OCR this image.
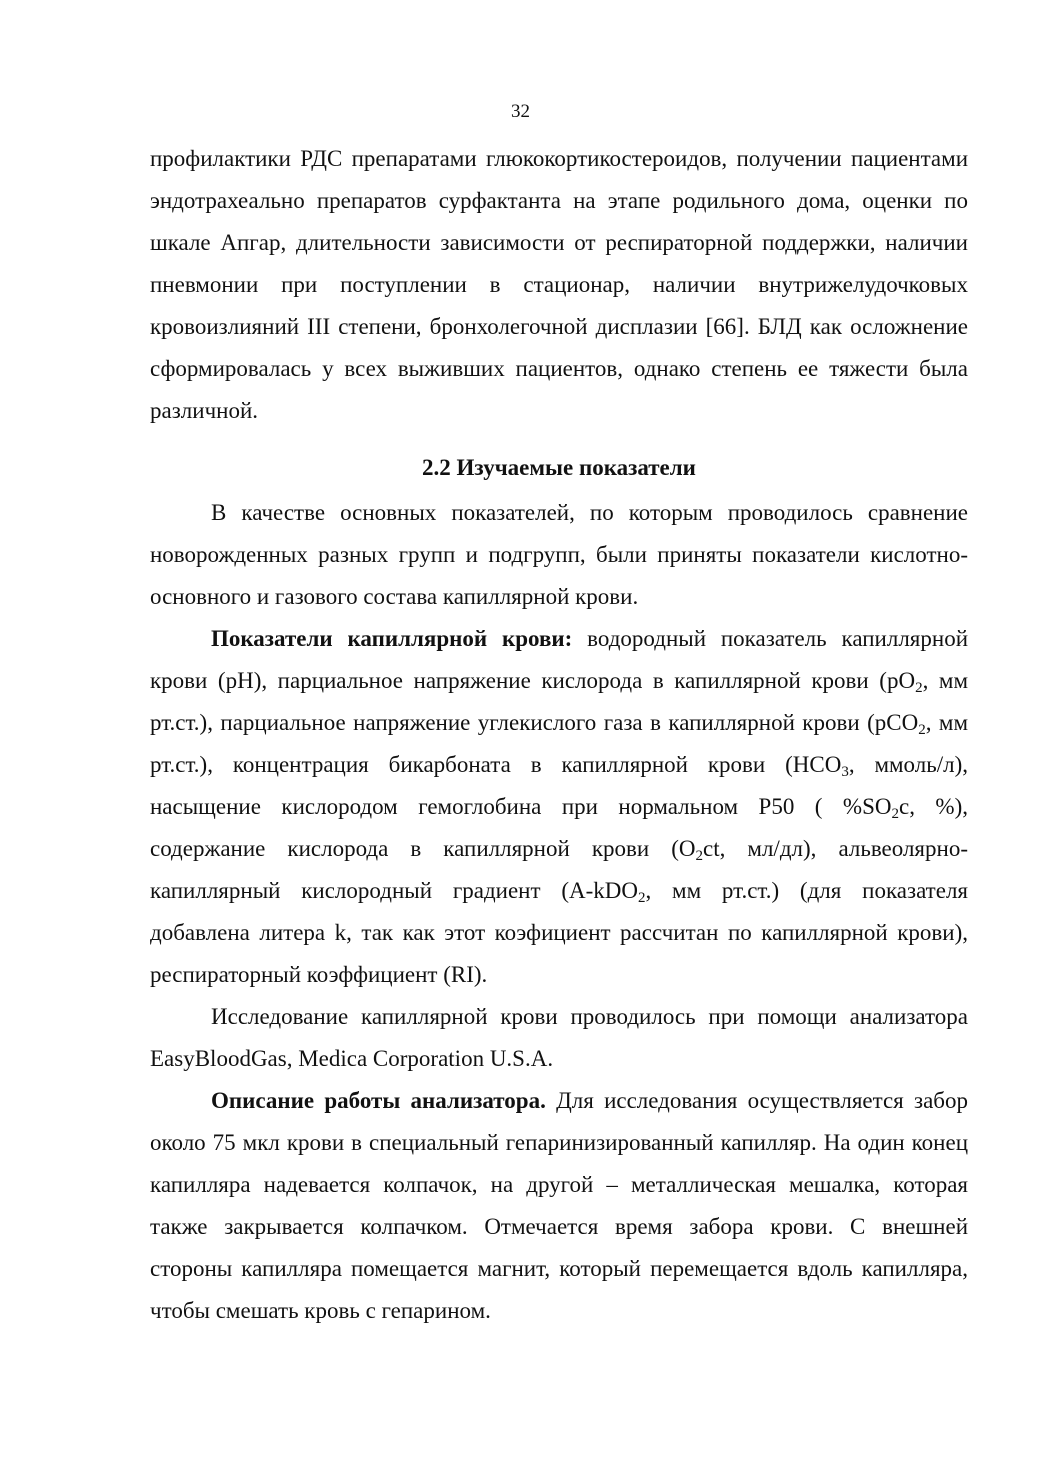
32

профилактики РДС препаратами глюкокортикостероидов, получении пациентами эндотрахеально препаратов сурфактанта на этапе родильного дома, оценки по шкале Апгар, длительности зависимости от респираторной поддержки, наличии пневмонии при поступлении в стационар, наличии внутрижелудочковых кровоизлияний III степени, бронхолегочной дисплазии [66]. БЛД как осложнение сформировалась у всех выживших пациентов, однако степень ее тяжести была различной.

2.2 Изучаемые показатели

В качестве основных показателей, по которым проводилось сравнение новорожденных разных групп и подгрупп, были приняты показатели кислотно-основного и газового состава капиллярной крови.

Показатели капиллярной крови: водородный показатель капиллярной крови (pH), парциальное напряжение кислорода в капиллярной крови ($pO_2$, мм рт.ст.), парциальное напряжение углекислого газа в капиллярной крови (pCO$_2$, мм рт.ст.), концентрация бикарбоната в капиллярной крови ($HCO_3$, ммоль/л), насыщение кислородом гемоглобина при нормальном P50 ( $\%SO_2c$, %), содержание кислорода в капиллярной крови ($O_2ct$, мл/дл), альвеолярно-капиллярный кислородный градиент (A-kDO$_2$, мм рт.ст.) (для показателя добавлена литера k, так как этот коэфициент рассчитан по капиллярной крови), респираторный коэффициент (RI).

Исследование капиллярной крови проводилось при помощи анализатора EasyBloodGas, Medica Corporation U.S.A.

Описание работы анализатора. Для исследования осуществляется забор около 75 мкл крови в специальный гепаринизированный капилляр. На один конец капилляра надевается колпачок, на другой – металлическая мешалка, которая также закрывается колпачком. Отмечается время забора крови. С внешней стороны капилляра помещается магнит, который перемещается вдоль капилляра, чтобы смешать кровь с гепарином.
